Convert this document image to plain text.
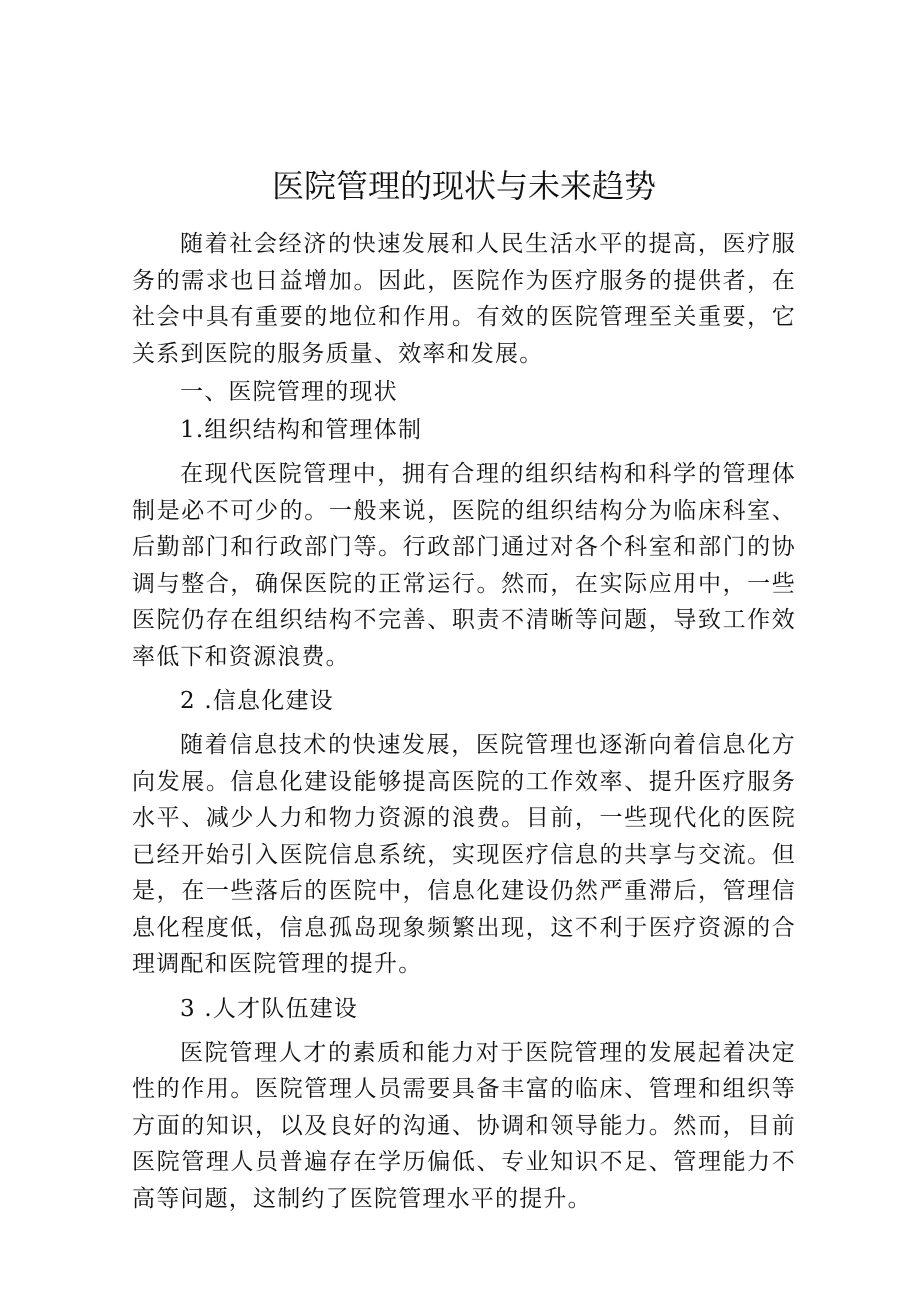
医院管理的现状与未来趋势

随着社会经济的快速发展和人民生活水平的提高，医疗服务的需求也日益增加。因此，医院作为医疗服务的提供者，在社会中具有重要的地位和作用。有效的医院管理至关重要，它关系到医院的服务质量、效率和发展。

一、医院管理的现状

1.组织结构和管理体制

在现代医院管理中，拥有合理的组织结构和科学的管理体制是必不可少的。一般来说，医院的组织结构分为临床科室、后勤部门和行政部门等。行政部门通过对各个科室和部门的协调与整合，确保医院的正常运行。然而，在实际应用中，一些医院仍存在组织结构不完善、职责不清晰等问题，导致工作效率低下和资源浪费。

2 .信息化建设

随着信息技术的快速发展，医院管理也逐渐向着信息化方向发展。信息化建设能够提高医院的工作效率、提升医疗服务水平、减少人力和物力资源的浪费。目前，一些现代化的医院已经开始引入医院信息系统，实现医疗信息的共享与交流。但是，在一些落后的医院中，信息化建设仍然严重滞后，管理信息化程度低，信息孤岛现象频繁出现，这不利于医疗资源的合理调配和医院管理的提升。

3 .人才队伍建设

医院管理人才的素质和能力对于医院管理的发展起着决定性的作用。医院管理人员需要具备丰富的临床、管理和组织等方面的知识，以及良好的沟通、协调和领导能力。然而，目前医院管理人员普遍存在学历偏低、专业知识不足、管理能力不高等问题，这制约了医院管理水平的提升。
